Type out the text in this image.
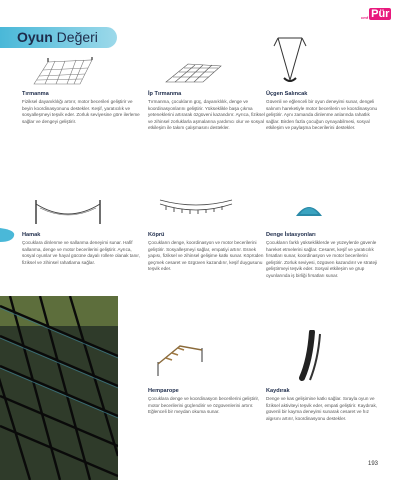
cmf Pür
Oyun Değeri
Tırmanma

Fiziksel dayanıklılığı artırır, motor becerileri geliştirir ve beyin koordinasyonunu destekler. Keşif, yaratıcılık ve sosyalleşmeyi teşvik eder. Zorluk seviyesine göre ilerleme sağlar ve dengeyi geliştirir.

İp Tırmanma

Tırmanma, çocukların güç, dayanıklılık, denge ve koordinasyonlarını geliştirir. Yükseklikle başa çıkma yeteneklerini artırarak özgüveni kazandırır. Ayrıca, fiziksel ve zihinsel zorluklarla aşmalarına yardımcı olur ve sosyal etkileşim ile takım çalışmasını destekler.

Üçgen Salıncak

Güvenli ve eğlenceli bir oyun deneyimi sunar, dengeli salınım hareketiyle motor becerilerin ve koordinasyonu geliştirir. Aynı zamanda dinlenme anlarında rahatlık sağlar. Birden fazla çocuğun oynayabilmesi, sosyal etkileşim ve paylaşma becerilerini destekler.

Hamak

Çocuklara dinlenme ve sallanma deneyimi sunar. Hafif sallanma, denge ve motor becerilerini geliştirir. Ayrıca, sosyal oyunlar ve hayal gücüne dayalı rollere olanak tanır, fiziksel ve zihinsel rahatlama sağlar.

Köprü

Çocukların denge, koordinasyon ve motor becerilerini geliştirir. Sosyalleşmeyi sağlar, empatiyi artırır. Esnek yapısı, fiziksel ve zihinsel gelişime katkı sunar. Köprüden geçmek cesaret ve özgüven kazandırır, keşif duygusunu teşvik eder.

Denge İstasyonları

Çocukların farklı yüksekliklerde ve yüzeylerde güvenle hareket etmelerini sağlar. Cesaret, keşif ve yaratıcılık fırsatları sunar, koordinasyon ve motor becerilerini geliştirir. Zorluk seviyesi, özgüven kazandırır ve strateji geliştirmeyi teşvik eder. Sosyal etkileşim ve grup oyunlarında iş birliği fırsatları sunar.

Hemparope

Çocuklara denge ve koordinasyon becerilerini geliştirir, motor becerilerini güçlendirir ve özgüvenlerini artırır. Eğlenceli bir meydan okuma sunar.

Kaydırak

Denge ve kas gelişimine katkı sağlar. Sırayla oyun ve fiziksel aktiviteyi teşvik eder, empati geliştirir. Kaydırak, güvenli bir kayma deneyimi sunarak cesaret ve hız algısını artırır, koordinasyonu destekler.

193
